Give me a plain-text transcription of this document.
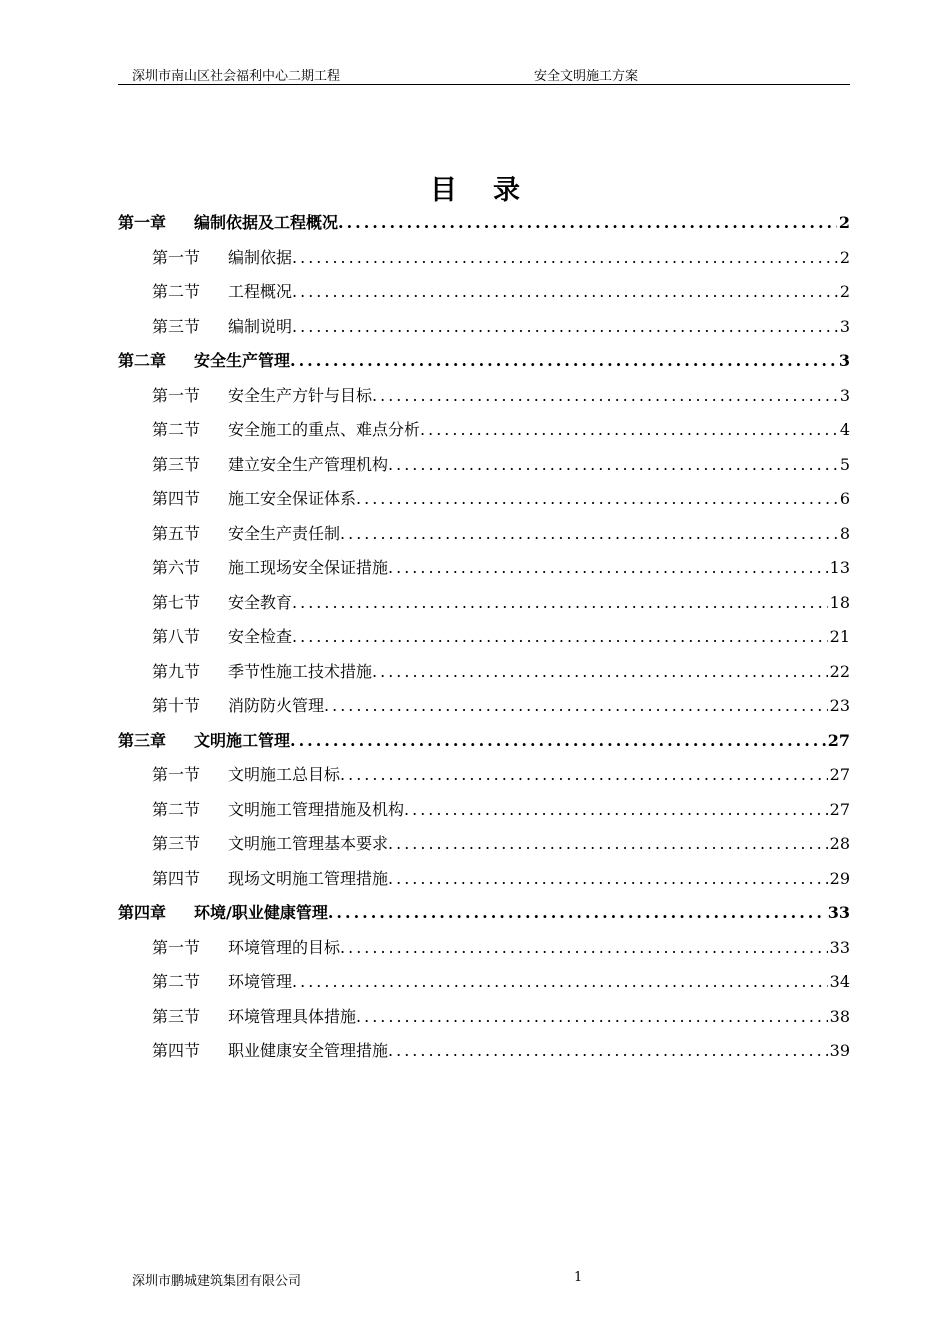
深圳市南山区社会福利中心二期工程	安全文明施工方案
目录
第一章	编制依据及工程概况 .....	2
第一节	编制依据 .....	2
第二节	工程概况 .....	2
第三节	编制说明 .....	3
第二章	安全生产管理 .....	3
第一节	安全生产方针与目标 .....	3
第二节	安全施工的重点、难点分析 .....	4
第三节	建立安全生产管理机构 .....	5
第四节	施工安全保证体系 .....	6
第五节	安全生产责任制 .....	8
第六节	施工现场安全保证措施 .....	13
第七节	安全教育 .....	18
第八节	安全检查 .....	21
第九节	季节性施工技术措施 .....	22
第十节	消防防火管理 .....	23
第三章	文明施工管理 .....	27
第一节	文明施工总目标 .....	27
第二节	文明施工管理措施及机构 .....	27
第三节	文明施工管理基本要求 .....	28
第四节	现场文明施工管理措施 .....	29
第四章	环境/职业健康管理 .....	33
第一节	环境管理的目标 .....	33
第二节	环境管理 .....	34
第三节	环境管理具体措施 .....	38
第四节	职业健康安全管理措施 .....	39
深圳市鹏城建筑集团有限公司	1
